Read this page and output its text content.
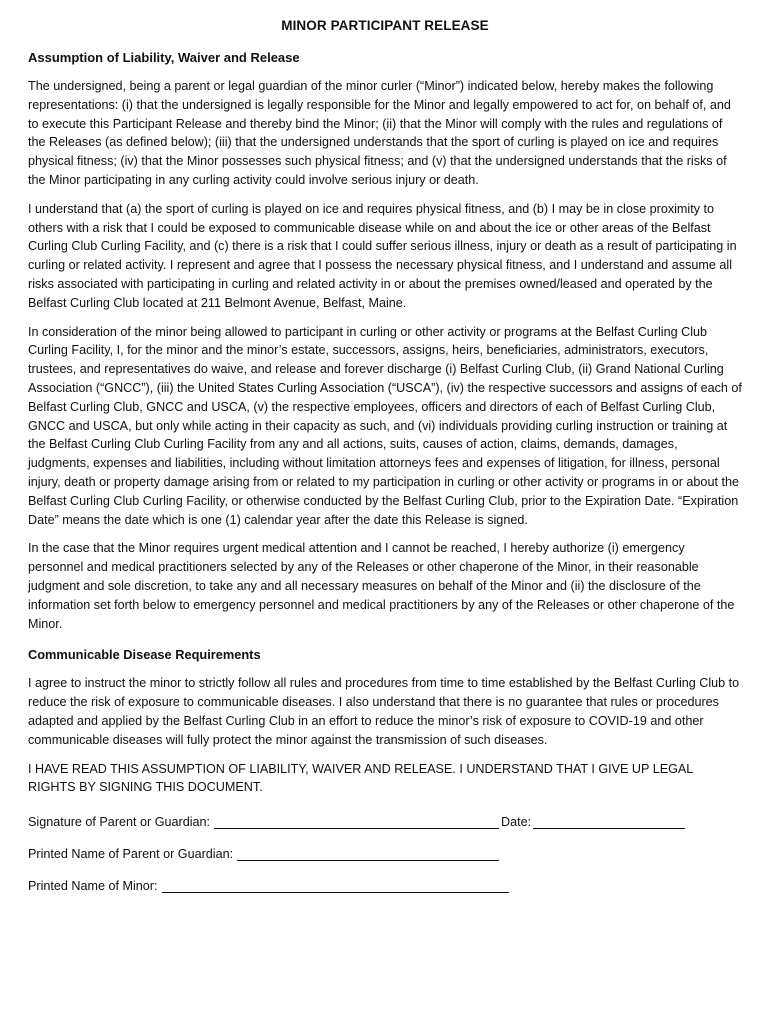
MINOR PARTICIPANT RELEASE
Assumption of Liability, Waiver and Release

The undersigned, being a parent or legal guardian of the minor curler (“Minor”) indicated below, hereby makes the following representations: (i) that the undersigned is legally responsible for the Minor and legally empowered to act for, on behalf of, and to execute this Participant Release and thereby bind the Minor; (ii) that the Minor will comply with the rules and regulations of the Releases (as defined below); (iii) that the undersigned understands that the sport of curling is played on ice and requires physical fitness; (iv) that the Minor possesses such physical fitness; and (v) that the undersigned understands that the risks of the Minor participating in any curling activity could involve serious injury or death.

I understand that (a) the sport of curling is played on ice and requires physical fitness, and (b) I may be in close proximity to others with a risk that I could be exposed to communicable disease while on and about the ice or other areas of the Belfast Curling Club Curling Facility, and (c) there is a risk that I could suffer serious illness, injury or death as a result of participating in curling or related activity. I represent and agree that I possess the necessary physical fitness, and I understand and assume all risks associated with participating in curling and related activity in or about the premises owned/leased and operated by the Belfast Curling Club located at 211 Belmont Avenue, Belfast, Maine.

In consideration of the minor being allowed to participant in curling or other activity or programs at the Belfast Curling Club Curling Facility, I, for the minor and the minor’s estate, successors, assigns, heirs, beneficiaries, administrators, executors, trustees, and representatives do waive, and release and forever discharge (i) Belfast Curling Club, (ii) Grand National Curling Association (“GNCC”), (iii) the United States Curling Association (“USCA”), (iv) the respective successors and assigns of each of Belfast Curling Club, GNCC and USCA, (v) the respective employees, officers and directors of each of Belfast Curling Club, GNCC and USCA, but only while acting in their capacity as such, and (vi) individuals providing curling instruction or training at the Belfast Curling Club Curling Facility from any and all actions, suits, causes of action, claims, demands, damages, judgments, expenses and liabilities, including without limitation attorneys fees and expenses of litigation, for illness, personal injury, death or property damage arising from or related to my participation in curling or other activity or programs in or about the Belfast Curling Club Curling Facility, or otherwise conducted by the Belfast Curling Club, prior to the Expiration Date. “Expiration Date” means the date which is one (1) calendar year after the date this Release is signed.

In the case that the Minor requires urgent medical attention and I cannot be reached, I hereby authorize (i) emergency personnel and medical practitioners selected by any of the Releases or other chaperone of the Minor, in their reasonable judgment and sole discretion, to take any and all necessary measures on behalf of the Minor and (ii) the disclosure of the information set forth below to emergency personnel and medical practitioners by any of the Releases or other chaperone of the Minor.

Communicable Disease Requirements

I agree to instruct the minor to strictly follow all rules and procedures from time to time established by the Belfast Curling Club to reduce the risk of exposure to communicable diseases. I also understand that there is no guarantee that rules or procedures adapted and applied by the Belfast Curling Club in an effort to reduce the minor’s risk of exposure to COVID-19 and other communicable diseases will fully protect the minor against the transmission of such diseases.

I HAVE READ THIS ASSUMPTION OF LIABILITY, WAIVER AND RELEASE. I UNDERSTAND THAT I GIVE UP LEGAL RIGHTS BY SIGNING THIS DOCUMENT.

Signature of Parent or Guardian:	Date:
Printed Name of Parent or Guardian:
Printed Name of Minor:
